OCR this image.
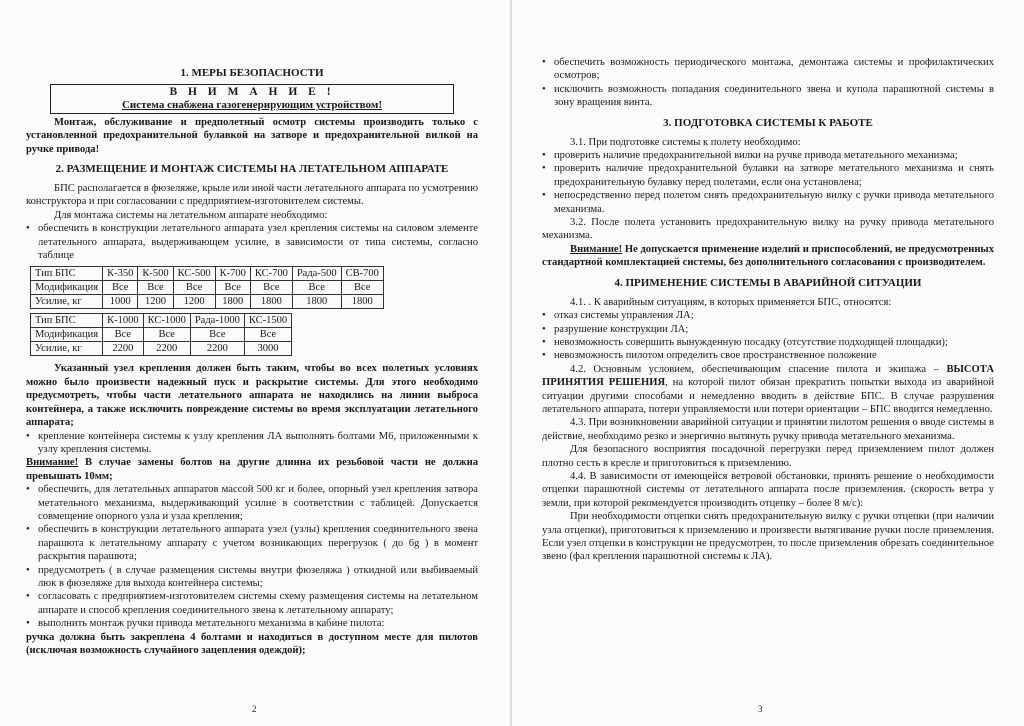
1. МЕРЫ БЕЗОПАСНОСТИ
В Н И М А Н И Е !
Система снабжена газогенерирующим устройством!

Монтаж, обслуживание и предполетный осмотр системы производить только с установленной предохранительной булавкой на затворе и предохранительной вилкой на ручке привода!

2. РАЗМЕЩЕНИЕ И МОНТАЖ СИСТЕМЫ НА ЛЕТАТЕЛЬНОМ АППАРАТЕ

БПС располагается в фюзеляже, крыле или иной части летательного аппарата по усмотрению конструктора и при согласовании с предприятием-изготовителем системы.

Для монтажа системы на летательном аппарате необходимо:

• обеспечить в конструкции летательного аппарата узел крепления системы на силовом элементе летательного аппарата, выдерживающем усилие, в зависимости от типа системы, согласно таблице

Тип БПС	К-350	К-500	КС-500	К-700	КС-700	Рада-500	СВ-700
Модификация	Все	Все	Все	Все	Все	Все	Все
Усилие, кг	1000	1200	1200	1800	1800	1800	1800
Тип БПС	К-1000	КС-1000	Рада-1000	КС-1500
Модификация	Все	Все	Все	Все
Усилие, кг	2200	2200	2200	3000

Указанный узел крепления должен быть таким, чтобы во всех полетных условиях можно было произвести надежный пуск и раскрытие системы. Для этого необходимо предусмотреть, чтобы части летательного аппарата не находились на линии выброса контейнера, а также исключить повреждение системы во время эксплуатации летательного аппарата;

• крепление контейнера системы к узлу крепления ЛА выполнять болтами М6, приложенными к узлу крепления системы.

Внимание! В случае замены болтов на другие длинна их резьбовой части не должна превышать 10мм;

• обеспечить, для летательных аппаратов массой 500 кг и более, опорный узел крепления затвора метательного механизма, выдерживающий усилие в соответствии с таблицей. Допускается совмещение опорного узла и узла крепления;

• обеспечить в конструкции летательного аппарата узел (узлы) крепления соединительного звена парашюта к летательному аппарату с учетом возникающих перегрузок ( до 6g ) в момент раскрытия парашюта;

• предусмотреть ( в случае размещения системы внутри фюзеляжа ) откидной или выбиваемый люк в фюзеляже для выхода контейнера системы;

• согласовать с предприятием-изготовителем системы схему размещения системы на летательном аппарате и способ крепления соединительного звена к летательному аппарату;

• выполнить монтаж ручки привода метательного механизма в кабине пилота:

ручка должна быть закреплена 4 болтами и находиться в доступном месте для пилотов (исключая возможность случайного зацепления одеждой);

2

• обеспечить возможность периодического монтажа, демонтажа системы и профилактических осмотров;

• исключить возможность попадания соединительного звена и купола парашютной системы в зону вращения винта.

3. ПОДГОТОВКА СИСТЕМЫ К РАБОТЕ

3.1. При подготовке системы к полету необходимо:

• проверить наличие предохранительной вилки на ручке привода метательного механизма;

• проверить наличие предохранительной булавки на затворе метательного механизма и снять предохранительную булавку перед полетами, если она установлена;

• непосредственно перед полетом снять предохранительную вилку с ручки привода метательного механизма.

3.2. После полета установить предохранительную вилку на ручку привода метательного механизма.

Внимание! Не допускается применение изделий и приспособлений, не предусмотренных стандартной комплектацией системы, без дополнительного согласования с производителем.

4. ПРИМЕНЕНИЕ СИСТЕМЫ В АВАРИЙНОЙ СИТУАЦИИ

4.1. . К аварийным ситуациям, в которых применяется БПС, относятся:

• отказ системы управления ЛА;

• разрушение конструкции ЛА;

• невозможность совершить вынужденную посадку (отсутствие подходящей площадки);

• невозможность пилотом определить свое пространственное положение

4.2. Основным условием, обеспечивающим спасение пилота и экипажа – ВЫСОТА ПРИНЯТИЯ РЕШЕНИЯ, на которой пилот обязан прекратить попытки выхода из аварийной ситуации другими способами и немедленно вводить в действие БПС. В случае разрушения летательного аппарата, потери управляемости или потери ориентации – БПС вводится немедленно.

4.3. При возникновении аварийной ситуации и принятии пилотом решения о вводе системы в действие, необходимо резко и энергично вытянуть ручку привода метательного механизма.

Для безопасного восприятия посадочной перегрузки перед приземлением пилот должен плотно сесть в кресле и приготовиться к приземлению.

4.4. В зависимости от имеющейся ветровой обстановки, принять решение о необходимости отцепки парашютной системы от летательного аппарата после приземления. (скорость ветра у земли, при которой рекомендуется производить отцепку – более 8 м/с):

При необходимости отцепки снять предохранительную вилку с ручки отцепки (при наличии узла отцепки), приготовиться к приземлению и произвести вытягивание ручки после приземления. Если узел отцепки в конструкции не предусмотрен, то после приземления обрезать соединительное звено (фал крепления парашютной системы к ЛА).

3
